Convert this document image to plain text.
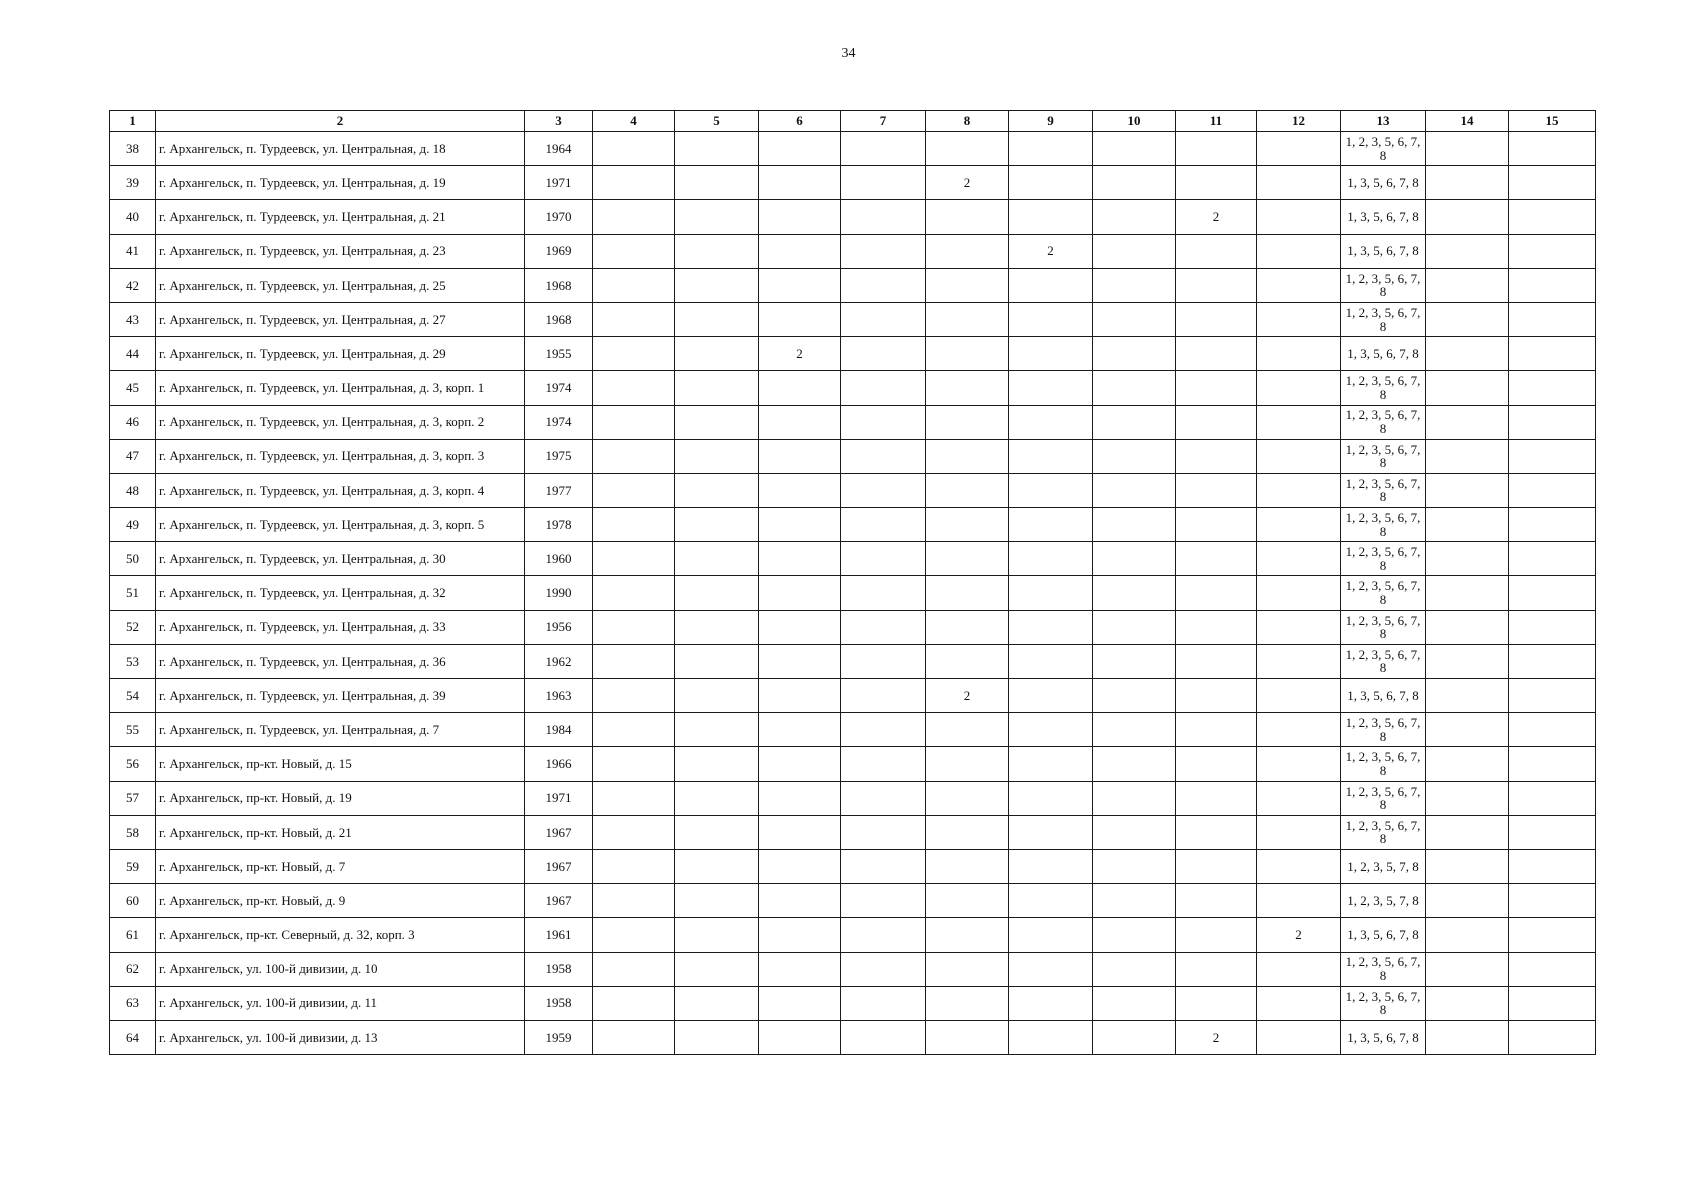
34
1	2	3	4	5	6	7	8	9	10	11	12	13	14	15
38	г. Архангельск, п. Турдеевск, ул. Центральная, д. 18	1964										1, 2, 3, 5, 6, 7, 8		
39	г. Архангельск, п. Турдеевск, ул. Центральная, д. 19	1971					2					1, 3, 5, 6, 7, 8		
40	г. Архангельск, п. Турдеевск, ул. Центральная, д. 21	1970								2		1, 3, 5, 6, 7, 8		
41	г. Архангельск, п. Турдеевск, ул. Центральная, д. 23	1969						2				1, 3, 5, 6, 7, 8		
42	г. Архангельск, п. Турдеевск, ул. Центральная, д. 25	1968										1, 2, 3, 5, 6, 7, 8		
43	г. Архангельск, п. Турдеевск, ул. Центральная, д. 27	1968										1, 2, 3, 5, 6, 7, 8		
44	г. Архангельск, п. Турдеевск, ул. Центральная, д. 29	1955			2							1, 3, 5, 6, 7, 8		
45	г. Архангельск, п. Турдеевск, ул. Центральная, д. 3, корп. 1	1974										1, 2, 3, 5, 6, 7, 8		
46	г. Архангельск, п. Турдеевск, ул. Центральная, д. 3, корп. 2	1974										1, 2, 3, 5, 6, 7, 8		
47	г. Архангельск, п. Турдеевск, ул. Центральная, д. 3, корп. 3	1975										1, 2, 3, 5, 6, 7, 8		
48	г. Архангельск, п. Турдеевск, ул. Центральная, д. 3, корп. 4	1977										1, 2, 3, 5, 6, 7, 8		
49	г. Архангельск, п. Турдеевск, ул. Центральная, д. 3, корп. 5	1978										1, 2, 3, 5, 6, 7, 8		
50	г. Архангельск, п. Турдеевск, ул. Центральная, д. 30	1960										1, 2, 3, 5, 6, 7, 8		
51	г. Архангельск, п. Турдеевск, ул. Центральная, д. 32	1990										1, 2, 3, 5, 6, 7, 8		
52	г. Архангельск, п. Турдеевск, ул. Центральная, д. 33	1956										1, 2, 3, 5, 6, 7, 8		
53	г. Архангельск, п. Турдеевск, ул. Центральная, д. 36	1962										1, 2, 3, 5, 6, 7, 8		
54	г. Архангельск, п. Турдеевск, ул. Центральная, д. 39	1963					2					1, 3, 5, 6, 7, 8		
55	г. Архангельск, п. Турдеевск, ул. Центральная, д. 7	1984										1, 2, 3, 5, 6, 7, 8		
56	г. Архангельск, пр-кт. Новый, д. 15	1966										1, 2, 3, 5, 6, 7, 8		
57	г. Архангельск, пр-кт. Новый, д. 19	1971										1, 2, 3, 5, 6, 7, 8		
58	г. Архангельск, пр-кт. Новый, д. 21	1967										1, 2, 3, 5, 6, 7, 8		
59	г. Архангельск, пр-кт. Новый, д. 7	1967										1, 2, 3, 5, 7, 8		
60	г. Архангельск, пр-кт. Новый, д. 9	1967										1, 2, 3, 5, 7, 8		
61	г. Архангельск, пр-кт. Северный, д. 32, корп. 3	1961									2	1, 3, 5, 6, 7, 8		
62	г. Архангельск, ул. 100-й дивизии, д. 10	1958										1, 2, 3, 5, 6, 7, 8		
63	г. Архангельск, ул. 100-й дивизии, д. 11	1958										1, 2, 3, 5, 6, 7, 8		
64	г. Архангельск, ул. 100-й дивизии, д. 13	1959								2		1, 3, 5, 6, 7, 8		
